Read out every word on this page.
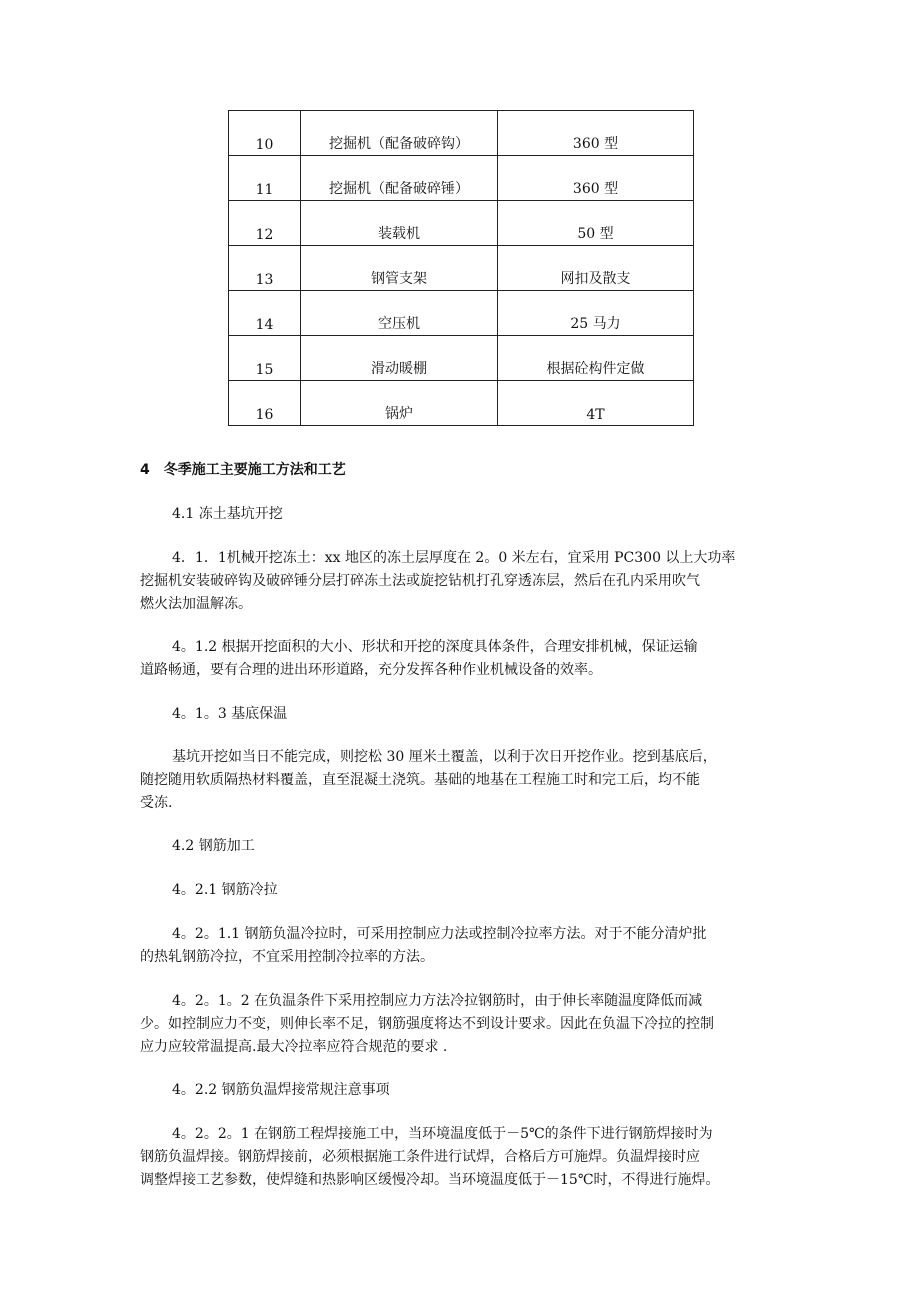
10	挖掘机（配备破碎钩）	360 型
11	挖掘机（配备破碎锤）	360 型
12	装载机	50 型
13	钢管支架	网扣及散支
14	空压机	25 马力
15	滑动暖棚	根据砼构件定做
16	锅炉	4T
4 冬季施工主要施工方法和工艺
4.1 冻土基坑开挖
4．1．1机械开挖冻土：xx 地区的冻土层厚度在 2。0 米左右，宜采用 PC300 以上大功率
挖掘机安装破碎钩及破碎锤分层打碎冻土法或旋挖钻机打孔穿透冻层，然后在孔内采用吹气
燃火法加温解冻。
4。1.2 根据开挖面积的大小、形状和开挖的深度具体条件，合理安排机械，保证运输
道路畅通，要有合理的进出环形道路，充分发挥各种作业机械设备的效率。
4。1。3 基底保温
基坑开挖如当日不能完成，则挖松 30 厘米土覆盖，以利于次日开挖作业。挖到基底后，
随挖随用软质隔热材料覆盖，直至混凝土浇筑。基础的地基在工程施工时和完工后，均不能
受冻.
4.2 钢筋加工
4。2.1 钢筋冷拉
4。2。1.1 钢筋负温冷拉时，可采用控制应力法或控制冷拉率方法。对于不能分清炉批
的热轧钢筋冷拉，不宜采用控制冷拉率的方法。
4。2。1。2 在负温条件下采用控制应力方法冷拉钢筋时，由于伸长率随温度降低而减
少。如控制应力不变，则伸长率不足，钢筋强度将达不到设计要求。因此在负温下冷拉的控制
应力应较常温提高.最大冷拉率应符合规范的要求 .
4。2.2 钢筋负温焊接常规注意事项
4。2。2。1 在钢筋工程焊接施工中，当环境温度低于－5℃的条件下进行钢筋焊接时为
钢筋负温焊接。钢筋焊接前，必须根据施工条件进行试焊，合格后方可施焊。负温焊接时应
调整焊接工艺参数，使焊缝和热影响区缓慢冷却。当环境温度低于－15℃时，不得进行施焊。
